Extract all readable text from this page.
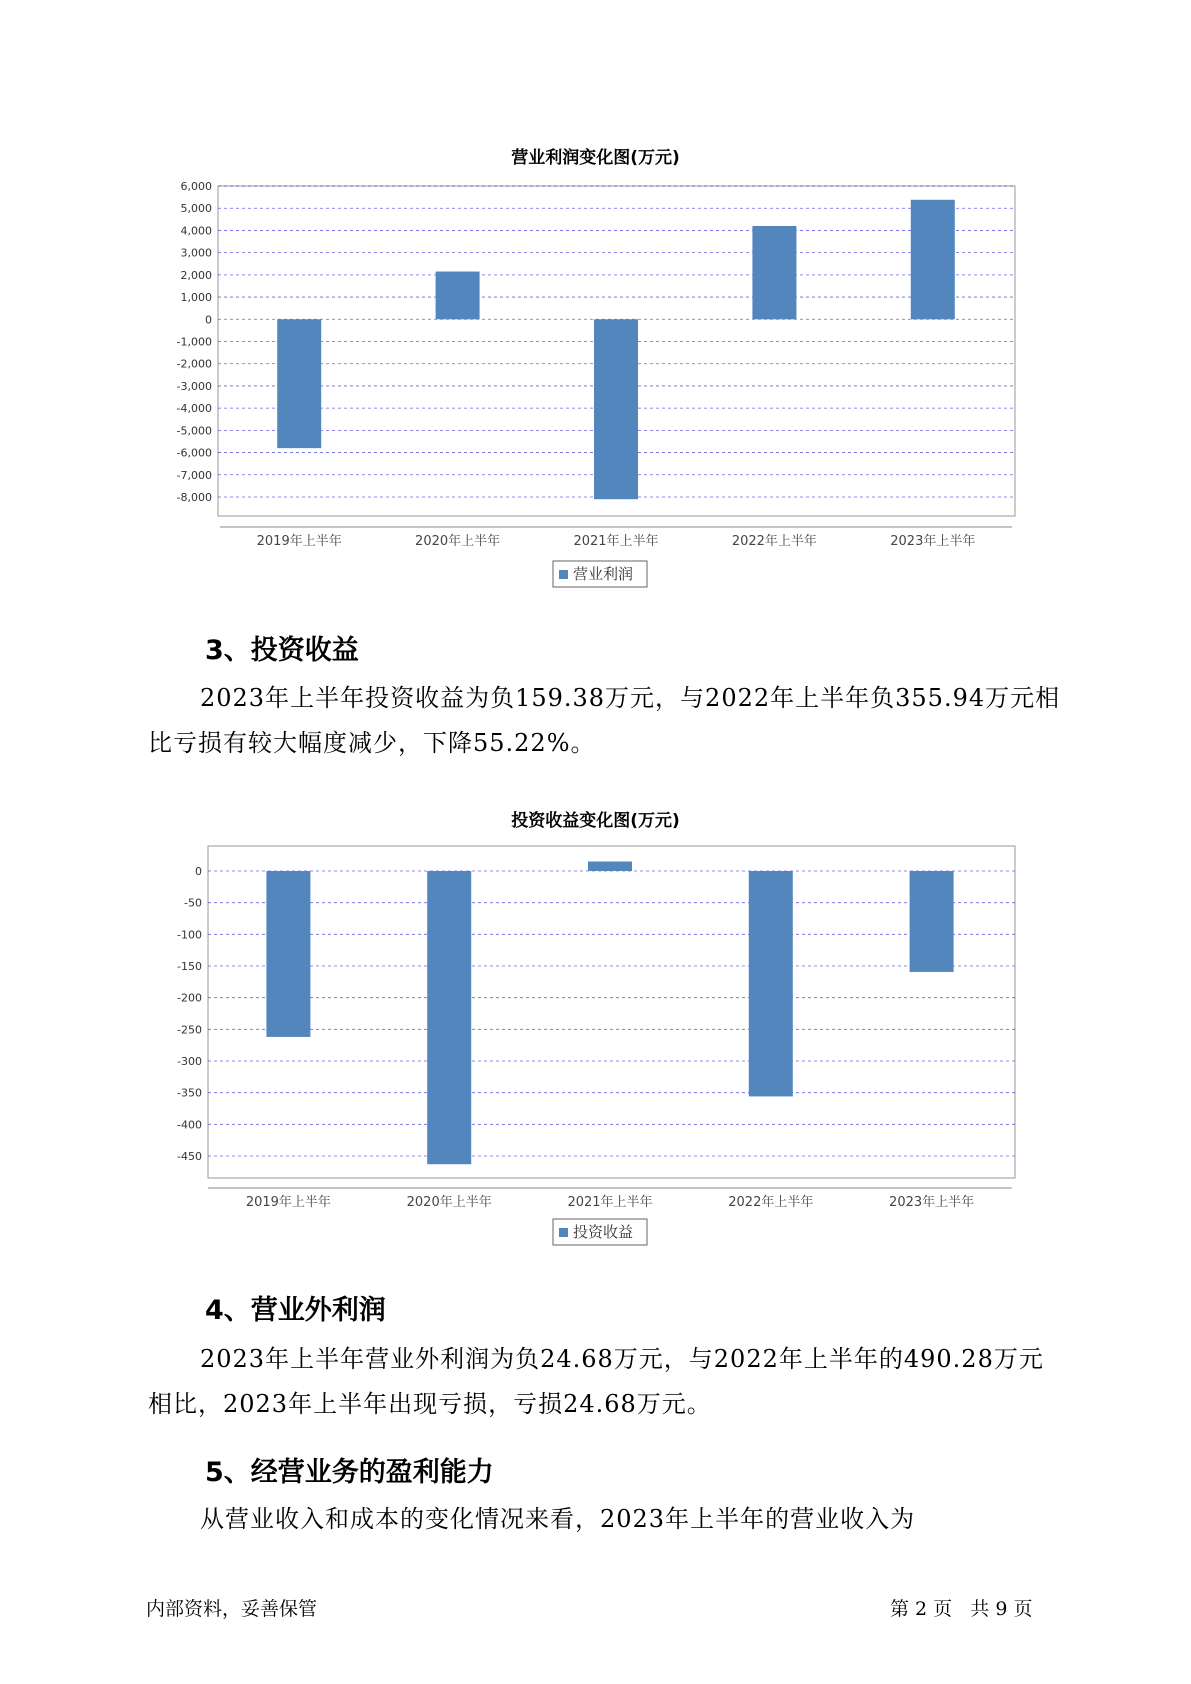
营业利润变化图(万元)
6,000
5,000
4,000
3,000
2,000
1,000
0
-1,000
-2,000
-3,000
-4,000
-5,000
-6,000
-7,000
-8,000
2019年上半年	2020年上半年	2021年上半年	2022年上半年	2023年上半年
营业利润
3、投资收益
2023年上半年投资收益为负159.38万元，与2022年上半年负355.94万元相比亏损有较大幅度减少，下降55.22%。
投资收益变化图(万元)
0
-50
-100
-150
-200
-250
-300
-350
-400
-450
2019年上半年	2020年上半年	2021年上半年	2022年上半年	2023年上半年
投资收益
4、营业外利润
2023年上半年营业外利润为负24.68万元，与2022年上半年的490.28万元相比，2023年上半年出现亏损，亏损24.68万元。
5、经营业务的盈利能力
从营业收入和成本的变化情况来看，2023年上半年的营业收入为
内部资料，妥善保管	第 2 页   共 9 页
